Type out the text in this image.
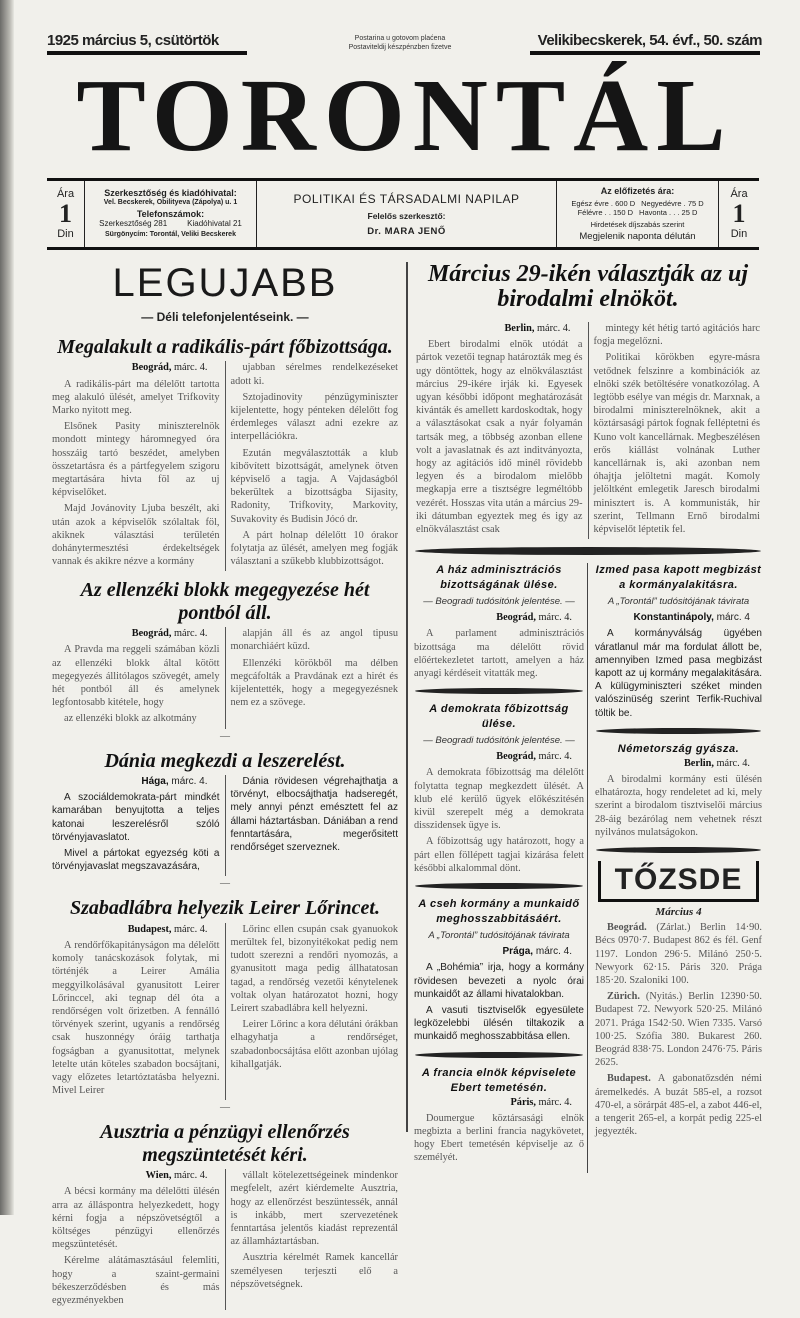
1925 március 5, csütörtök	Postarina u gotovom plaćena
Postaviteldij készpénzben fizetve	Velikibecskerek, 54. évf., 50. szám
TORONTÁL
Ára
1
Din
Szerkesztőség és kiadóhivatal:
Vel. Becskerek, Obilityeva (Zápolya) u. 1
Telefonszámok:
Szerkesztőség 281	Kiadóhivatal 21
Sürgönycím: Torontál, Veliki Becskerek
POLITIKAI ÉS TÁRSADALMI NAPILAP
Felelős szerkesztő:
Dr. MARA JENŐ
Az előfizetés ára:
Egész évre . 600 D Negyedévre . 75 D
Félévre . . 150 D Havonta . . . 25 D
Hirdetések díjszabás szerint
Megjelenik naponta délután
Ára
1
Din
LEGUJABB
— Déli telefonjelentéseink. —
Megalakult a radikális-párt főbizottsága.

Beográd, márc. 4.

A radikális-párt ma délelőtt tartotta meg alakuló ülését, amelyet Trifkovity Marko nyitott meg.

Elsőnek Pasity miniszterelnök mondott mintegy háromnegyed óra hosszáig tartó beszédet, amelyben összetartásra és a pártfegyelem szigoru megtartására hivta föl az uj képviselőket.

Majd Jovánovity Ljuba beszélt, aki után azok a képviselők szólaltak föl, akiknek választási területén dohánytermesztési érdekeltségek vannak és akikre nézve a kormány

ujabban sérelmes rendelkezéseket adott ki.

Sztojadinovity pénzügyminiszter kijelentette, hogy pénteken délelőtt fog érdemleges választ adni ezekre az interpellációkra.

Ezután megválasztották a klub kibővített bizottságát, amelynek ötven képviselő a tagja. A Vajdaságból bekerültek a bizottságba Sijasity, Radonity, Trifkovity, Markovity, Suvakovity és Budisin Jócó dr.

A párt holnap délelőtt 10 órakor folytatja az ülését, amelyen meg fogják választani a szűkebb klubbizottságot.

Az ellenzéki blokk megegyezése hét pontból áll.

Beográd, márc. 4.

A Pravda ma reggeli számában közli az ellenzéki blokk által kötött megegyezés állitólagos szövegét, amely hét pontból áll és amelynek legfontosabb kitétele, hogy

az ellenzéki blokk az alkotmány

alapján áll és az angol tipusu monarchiáért küzd.

Ellenzéki körökből ma délben megcáfolták a Pravdának ezt a hirét és kijelentették, hogy a megegyezésnek nem ez a szövege.

—
Dánia megkezdi a leszerelést.

Hága, márc. 4.

A szociáldemokrata-párt mindkét kamarában benyujtotta a teljes katonai leszerelésről szóló törvényjavaslatot.

Mivel a pártokat egyezség köti a törvényjavaslat megszavazására,

Dánia rövidesen végrehajthatja a törvényt, elbocsájthatja hadseregét, mely annyi pénzt emésztett fel az állami háztartásban. Dániában a rend fenntartására, megerősitett rendőrséget szerveznek.

—
Szabadlábra helyezik Leirer Lőrincet.

Budapest, márc. 4.

A rendőrfőkapitányságon ma délelőtt komoly tanácskozások folytak, mi történjék a Leirer Amália meggyilkolásával gyanusitott Leirer Lőrinccel, aki tegnap dél óta a rendőrségen volt őrizetben. A fennálló törvények szerint, ugyanis a rendőrség csak huszonnégy óráig tarthatja fogságban a gyanusitottat, melynek letelte után köteles szabadon bocsájtani, vagy előzetes letartóztatásba helyezni. Mivel Leirer

Lőrinc ellen csupán csak gyanuokok merültek fel, bizonyitékokat pedig nem tudott szerezni a rendőri nyomozás, a gyanusitott maga pedig állhatatosan tagad, a rendőrség vezetői kénytelenek voltak olyan határozatot hozni, hogy Leirert szabadlábra kell helyezni.

Leirer Lőrinc a kora délutáni órákban elhagyhatja a rendőrséget, szabadonbocsájtása előtt azonban ujólag kihallgatják.

—
Ausztria a pénzügyi ellenőrzés megszüntetését kéri.

Wien, márc. 4.

A bécsi kormány ma délelőtti ülésén arra az álláspontra helyezkedett, hogy kérni fogja a népszövetségtől a költséges pénzügyi ellenőrzés megszüntetését.

Kérelme alátámasztásául felemliti, hogy a szaint-germaini békeszerződésben és más egyezményekben

vállalt kötelezettségeinek mindenkor megfelelt, azért kiérdemelte Ausztria, hogy az ellenőrzést beszüntessék, annál is inkább, mert szervezetének fenntartása jelentős kiadást reprezentál az államháztartásban.

Ausztria kérelmét Ramek kancellár személyesen terjeszti elő a népszövetségnek.

Március 29-ikén választják az uj birodalmi elnököt.

Berlin, márc. 4.

Ebert birodalmi elnök utódát a pártok vezetői tegnap határozták meg és ugy döntöttek, hogy az elnökválasztást március 29-ikére irják ki. Egyesek ugyan későbbi időpont meghatározását kivánták és amellett kardoskodtak, hogy a választásokat csak a nyár folyamán tartsák meg, a többség azonban ellene volt a javaslatnak és azt inditványozta, hogy az agitációs idő minél rövidebb legyen és a birodalom mielőbb megkapja erre a tisztségre legméltóbb vezérét. Hosszas vita után a március 29-iki dátumban egyeztek meg és igy az elnökválasztást csak

mintegy két hétig tartó agitációs harc fogja megelőzni.

Politikai körökben egyre-másra vetődnek felszinre a kombinációk az elnöki szék betöltésére vonatkozólag. A legtöbb esélye van mégis dr. Marxnak, a birodalmi miniszterelnöknek, akit a köztársasági pártok fognak felléptetni és Kuno volt kancellárnak. Megbeszélésen erős kiállást volnának Luther kancellárnak is, aki azonban nem óhajtja jelöltetni magát. Komoly jelöltként emlegetik Jaresch birodalmi minisztert is. A kommunisták, hir szerint, Tellmann Ernő birodalmi képviselőt léptetik fel.

A ház adminisztrációs bizottságának ülése.
— Beogradi tudósitónk jelentése. —

Beográd, márc. 4.

A parlament adminisztrációs bizottsága ma délelőtt rövid előértekezletet tartott, amelyen a ház anyagi kérdéseit vitatták meg.

A demokrata főbizottság ülése.
— Beogradi tudósitónk jelentése. —

Beográd, márc. 4.

A demokrata főbizottság ma délelőtt folytatta tegnap megkezdett ülését. A klub elé kerülő ügyek előkészitésén kivül szerepelt még a demokrata disszidensek ügye is.

A főbizottság ugy határozott, hogy a párt ellen föllépett tagjai kizárása felett későbbi alkalommal dönt.

A cseh kormány a munkaidő meghosszabbitásáért.
A „Torontál” tudósitójának távirata

Prága, márc. 4.

A „Bohémia” irja, hogy a kormány rövidesen bevezeti a nyolc órai munkaidőt az állami hivatalokban.

A vasuti tisztviselők egyesülete legközelebbi ülésén tiltakozik a munkaidő meghosszabbitása ellen.

A francia elnök képviselete Ebert temetésén.

Páris, márc. 4.

Doumergue köztársasági elnök megbizta a berlini francia nagykövetet, hogy Ebert temetésén képviselje az ő személyét.

Izmed pasa kapott megbizást a kormányalakitásra.
A „Torontál” tudósitójának távirata

Konstantinápoly, márc. 4

A kormányválság ügyében váratlanul már ma fordulat állott be, amennyiben Izmed pasa megbizást kapott az uj kormány megalakitására. A külügyminiszteri széket minden valószinüség szerint Terfik-Ruchival töltik be.

Németország gyásza.

Berlin, márc. 4.

A birodalmi kormány esti ülésén elhatározta, hogy rendeletet ad ki, mely szerint a birodalom tisztviselői március 28-áig bezárólag nem vehetnek részt nyilvános mulatságokon.

TŐZSDE
Március 4

Beográd. (Zárlat.) Berlin 14·90. Bécs 0970·7. Budapest 862 és fél. Genf 1197. London 296·5. Milánó 250·5. Newyork 62·15. Páris 320. Prága 185·20. Szaloniki 100.

Zürich. (Nyitás.) Berlin 12390·50. Budapest 72. Newyork 520·25. Milánó 2071. Prága 1542·50. Wien 7335. Varsó 100·25. Szófia 380. Bukarest 260. Beográd 838·75. London 2476·75. Páris 2625.

Budapest. A gabonatőzsdén némi áremelkedés. A buzát 585-el, a rozsot 470-el, a sörárpát 485-el, a zabot 446-el, a tengerit 265-el, a korpát pedig 225-el jegyezték.
